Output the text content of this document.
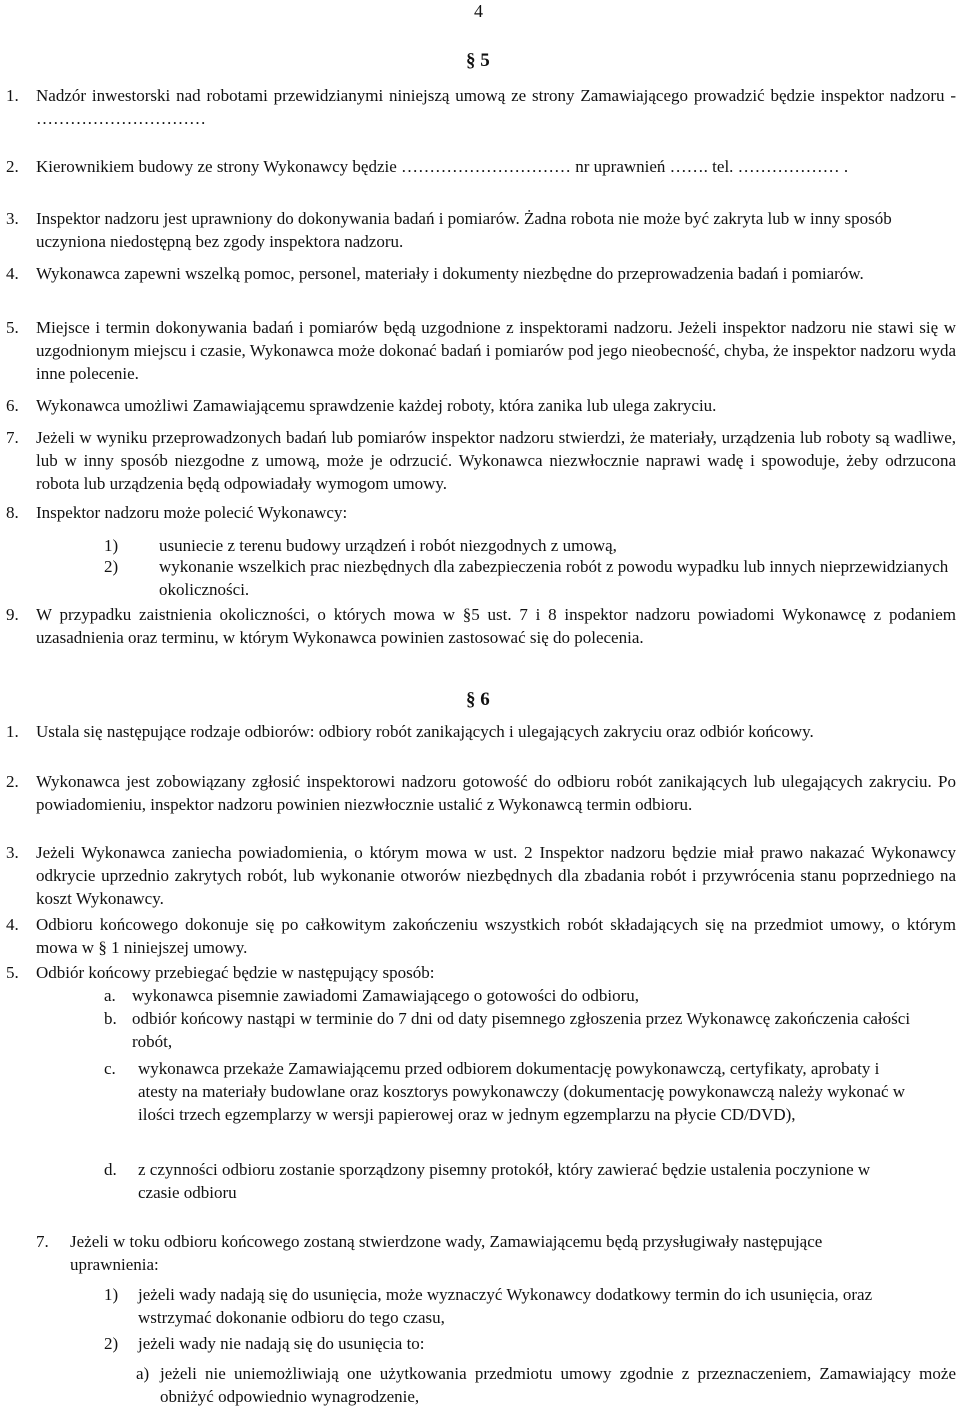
4
§ 5
1. Nadzór inwestorski nad robotami przewidzianymi niniejszą umową ze strony Zamawiającego prowadzić będzie inspektor nadzoru - …………………………
2. Kierownikiem budowy ze strony Wykonawcy będzie ………………………… nr uprawnień ……. tel. ……………… .
3. Inspektor nadzoru jest uprawniony do dokonywania badań i pomiarów. Żadna robota nie może być zakryta lub w inny sposób uczyniona niedostępną bez zgody inspektora nadzoru.
4. Wykonawca zapewni wszelką pomoc, personel, materiały i dokumenty niezbędne do przeprowadzenia badań i pomiarów.
5. Miejsce i termin dokonywania badań i pomiarów będą uzgodnione z inspektorami nadzoru. Jeżeli inspektor nadzoru nie stawi się w uzgodnionym miejscu i czasie, Wykonawca może dokonać badań i pomiarów pod jego nieobecność, chyba, że inspektor nadzoru wyda inne polecenie.
6. Wykonawca umożliwi Zamawiającemu sprawdzenie każdej roboty, która zanika lub ulega zakryciu.
7. Jeżeli w wyniku przeprowadzonych badań lub pomiarów inspektor nadzoru stwierdzi, że materiały, urządzenia lub roboty są wadliwe, lub w inny sposób niezgodne z umową, może je odrzucić. Wykonawca niezwłocznie naprawi wadę i spowoduje, żeby odrzucona robota lub urządzenia będą odpowiadały wymogom umowy.
8. Inspektor nadzoru może polecić Wykonawcy:
1) usuniecie z terenu budowy urządzeń i robót niezgodnych z umową,
2) wykonanie wszelkich prac niezbędnych dla zabezpieczenia robót z powodu wypadku lub innych nieprzewidzianych okoliczności.
9. W przypadku zaistnienia okoliczności, o których mowa w §5 ust. 7 i 8 inspektor nadzoru powiadomi Wykonawcę z podaniem uzasadnienia oraz terminu, w którym Wykonawca powinien zastosować się do polecenia.
§ 6
1. Ustala się następujące rodzaje odbiorów: odbiory robót zanikających i ulegających zakryciu oraz odbiór końcowy.
2. Wykonawca jest zobowiązany zgłosić inspektorowi nadzoru gotowość do odbioru robót zanikających lub ulegających zakryciu. Po powiadomieniu, inspektor nadzoru powinien niezwłocznie ustalić z Wykonawcą termin odbioru.
3. Jeżeli Wykonawca zaniecha powiadomienia, o którym mowa w ust. 2 Inspektor nadzoru będzie miał prawo nakazać Wykonawcy odkrycie uprzednio zakrytych robót, lub wykonanie otworów niezbędnych dla zbadania robót i przywrócenia stanu poprzedniego na koszt Wykonawcy.
4. Odbioru końcowego dokonuje się po całkowitym zakończeniu wszystkich robót składających się na przedmiot umowy, o którym mowa w § 1 niniejszej umowy.
5. Odbiór końcowy przebiegać będzie w następujący sposób:
a. wykonawca pisemnie zawiadomi Zamawiającego o gotowości do odbioru,
b. odbiór końcowy nastąpi w terminie do 7 dni od daty pisemnego zgłoszenia przez Wykonawcę zakończenia całości robót,
c. wykonawca przekaże Zamawiającemu przed odbiorem dokumentację powykonawczą, certyfikaty, aprobaty i atesty na materiały budowlane oraz kosztorys powykonawczy (dokumentację powykonawczą należy wykonać w ilości trzech egzemplarzy w wersji papierowej oraz w jednym egzemplarzu na płycie CD/DVD),
d. z czynności odbioru zostanie sporządzony pisemny protokół, który zawierać będzie ustalenia poczynione w czasie odbioru
7. Jeżeli w toku odbioru końcowego zostaną stwierdzone wady, Zamawiającemu będą przysługiwały następujące uprawnienia:
1) jeżeli wady nadają się do usunięcia, może wyznaczyć Wykonawcy dodatkowy termin do ich usunięcia, oraz wstrzymać dokonanie odbioru do tego czasu,
2) jeżeli wady nie nadają się do usunięcia to:
a) jeżeli nie uniemożliwiają one użytkowania przedmiotu umowy zgodnie z przeznaczeniem, Zamawiający może obniżyć odpowiednio wynagrodzenie,
